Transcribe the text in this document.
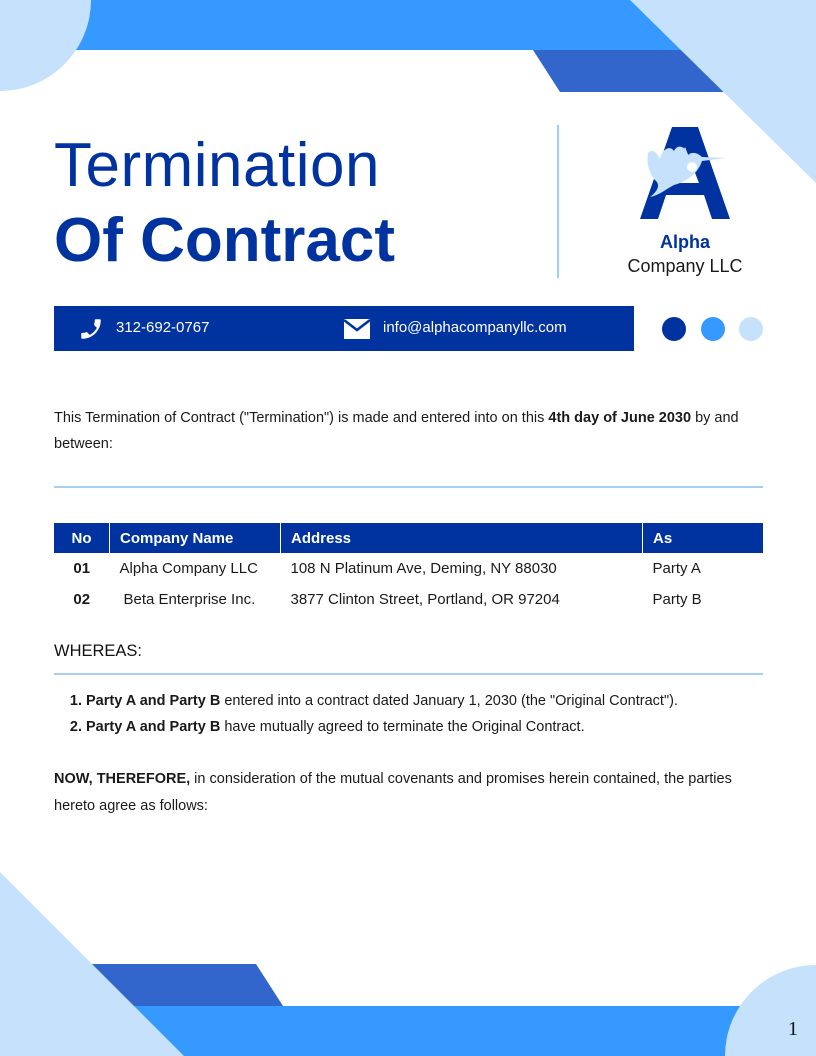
1
Termination
Of Contract	Alpha
Company LLC
312-692-0767	info@alphacompanyllc.com
This Termination of Contract ("Termination") is made and entered into on this 4th day of June 2030 by and between:
No	Company Name	Address	As
01	Alpha Company LLC	108 N Platinum Ave, Deming, NY 88030	Party A
02	Beta Enterprise Inc.	3877 Clinton Street, Portland, OR 97204	Party B
WHEREAS:
1. Party A and Party B entered into a contract dated January 1, 2030 (the "Original Contract").
2. Party A and Party B have mutually agreed to terminate the Original Contract.
NOW, THEREFORE, in consideration of the mutual covenants and promises herein contained, the parties hereto agree as follows:
